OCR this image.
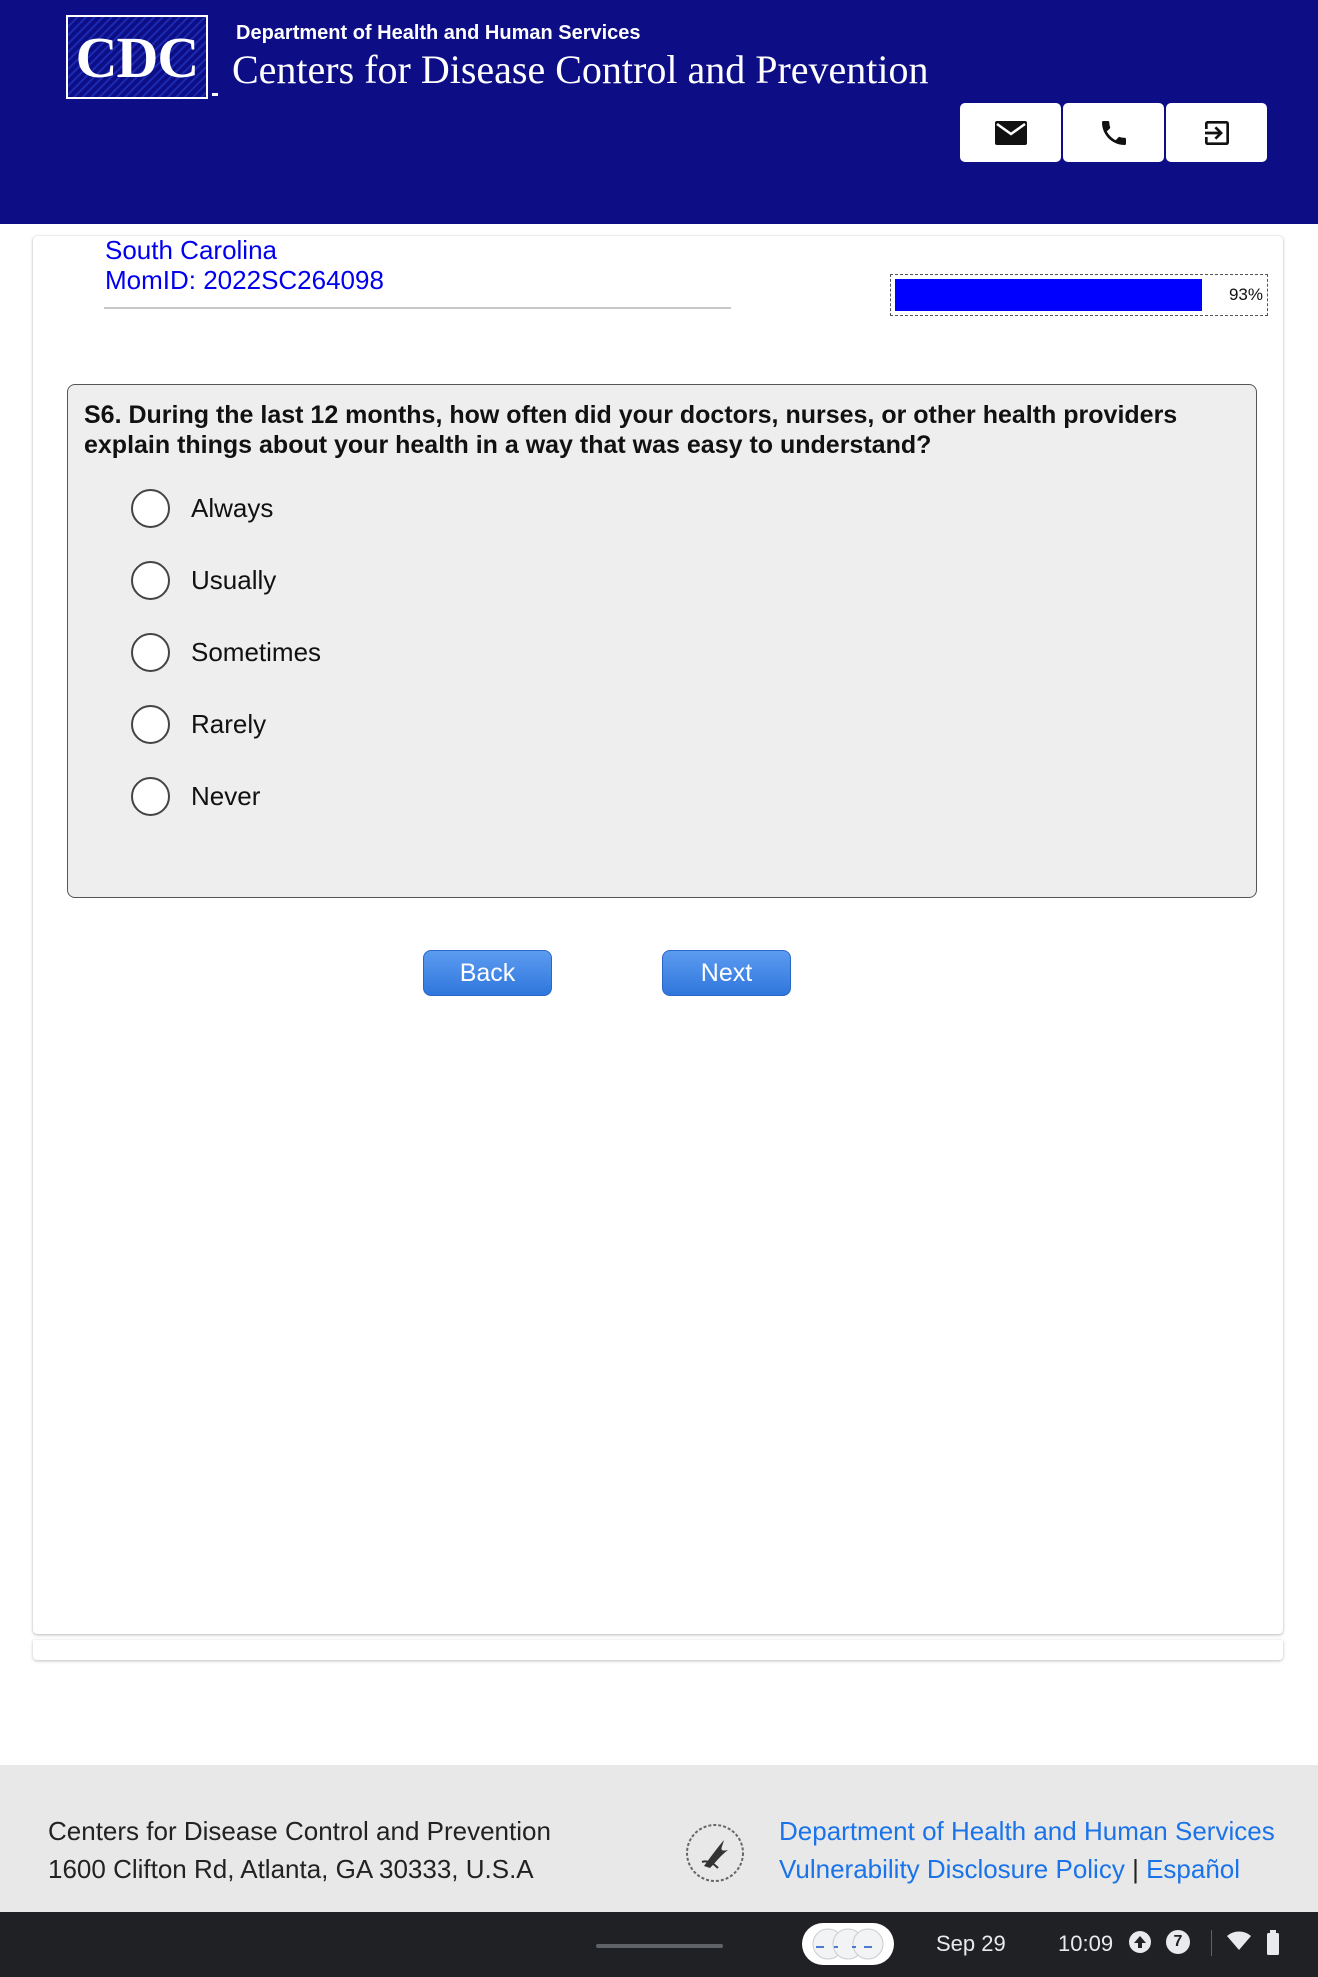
CDC Department of Health and Human Services
Centers for Disease Control and Prevention
South Carolina
MomID: 2022SC264098	93%
S6. During the last 12 months, how often did your doctors, nurses, or other health providers explain things about your health in a way that was easy to understand?
Always
Usually
Sometimes
Rarely
Never
Back	Next
Centers for Disease Control and Prevention
1600 Clifton Rd, Atlanta, GA 30333, U.S.A
Department of Health and Human Services
Vulnerability Disclosure Policy | Español
Sep 29 10:09	7
